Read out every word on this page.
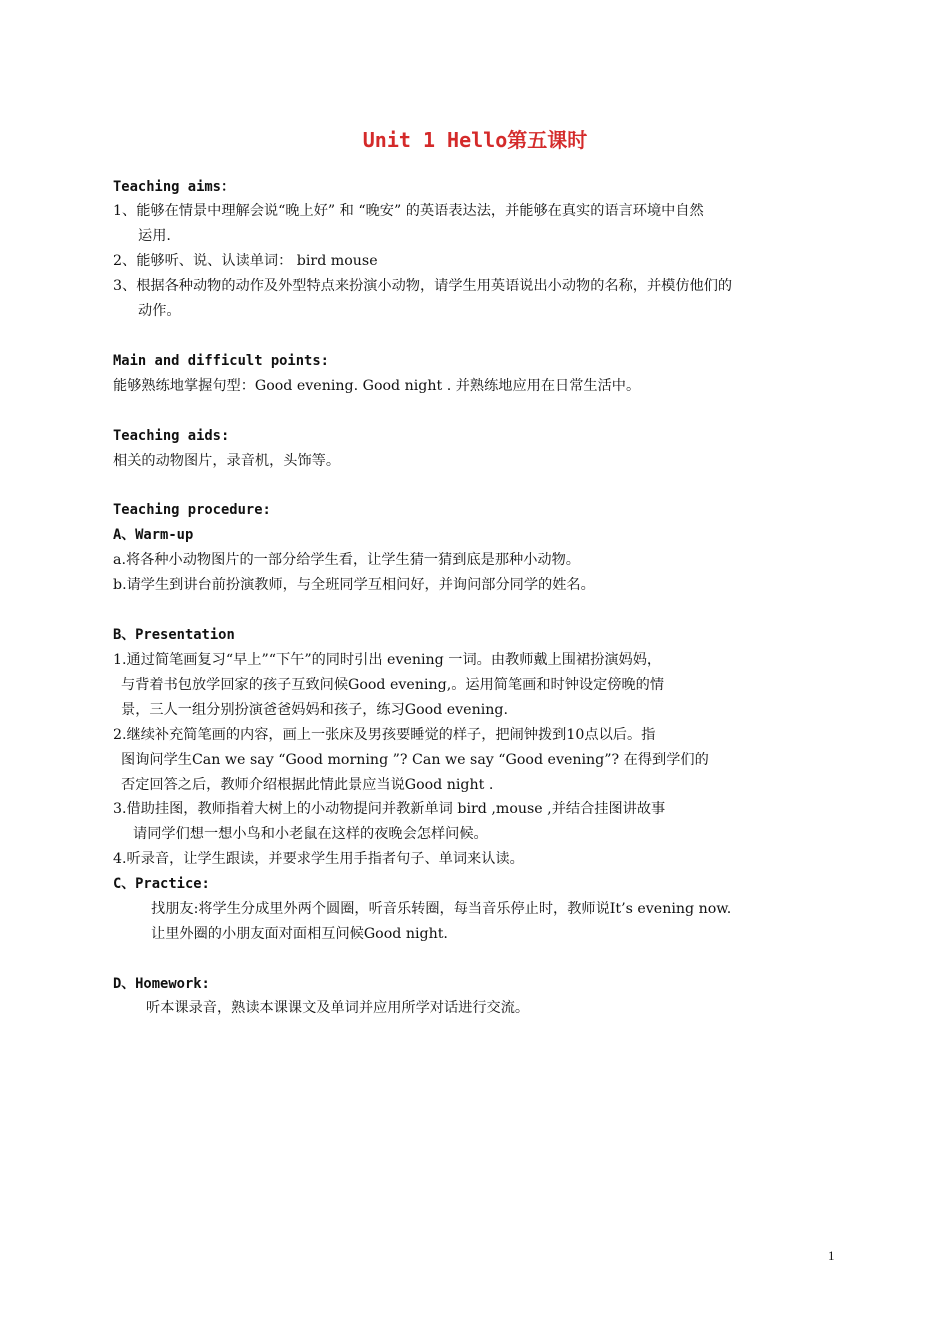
Unit 1 Hello第五课时
Teaching aims：
1、能够在情景中理解会说“晚上好” 和 “晚安” 的英语表达法，并能够在真实的语言环境中自然
运用.
2、能够听、说、认读单词： bird mouse
3、根据各种动物的动作及外型特点来扮演小动物，请学生用英语说出小动物的名称，并模仿他们的
动作。
Main and difficult points:
能够熟练地掌握句型：Good evening. Good night . 并熟练地应用在日常生活中。
Teaching aids:
相关的动物图片，录音机，头饰等。
Teaching procedure:
A、Warm-up
a.将各种小动物图片的一部分给学生看，让学生猜一猜到底是那种小动物。
b.请学生到讲台前扮演教师，与全班同学互相问好，并询问部分同学的姓名。
B、Presentation
1.通过简笔画复习“早上”“下午”的同时引出 evening 一词。由教师戴上围裙扮演妈妈，
与背着书包放学回家的孩子互致问候Good evening,。运用简笔画和时钟设定傍晚的情
景，三人一组分别扮演爸爸妈妈和孩子，练习Good evening.
2.继续补充简笔画的内容，画上一张床及男孩要睡觉的样子，把闹钟拨到10点以后。指
图询问学生Can we say “Good morning ”? Can we say “Good evening”? 在得到学们的
否定回答之后，教师介绍根据此情此景应当说Good night .
3.借助挂图，教师指着大树上的小动物提问并教新单词 bird ,mouse ,并结合挂图讲故事
请同学们想一想小鸟和小老鼠在这样的夜晚会怎样问候。
4.听录音，让学生跟读，并要求学生用手指者句子、单词来认读。
C、Practice:
找朋友:将学生分成里外两个圆圈，听音乐转圈，每当音乐停止时，教师说It’s evening now.
让里外圈的小朋友面对面相互问候Good night.
D、Homework:
听本课录音，熟读本课课文及单词并应用所学对话进行交流。
1
